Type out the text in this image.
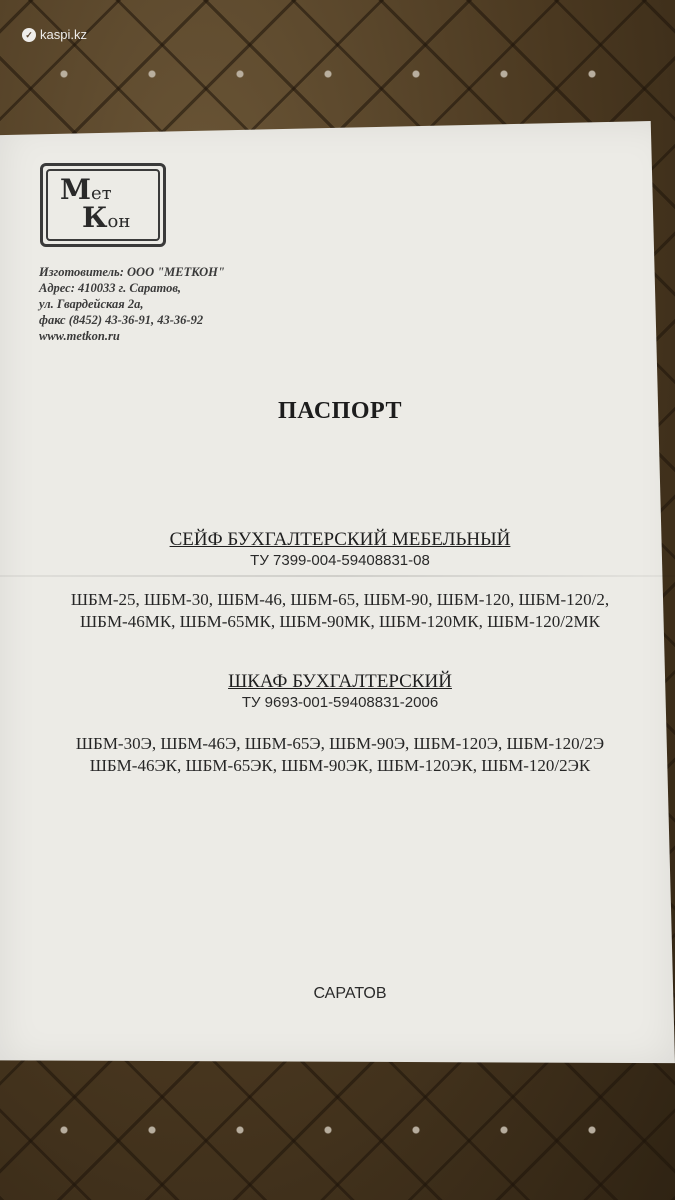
✓ kaspi.kz
Мет
Кон
Изготовитель: ООО "МЕТКОН"
Адрес: 410033 г. Саратов,
ул. Гвардейская 2а,
факс (8452) 43-36-91, 43-36-92
www.metkon.ru
ПАСПОРТ
СЕЙФ БУХГАЛТЕРСКИЙ МЕБЕЛЬНЫЙ
ТУ 7399-004-59408831-08
ШБМ-25, ШБМ-30, ШБМ-46, ШБМ-65, ШБМ-90, ШБМ-120, ШБМ-120/2,
ШБМ-46МК, ШБМ-65МК, ШБМ-90МК, ШБМ-120МК, ШБМ-120/2МК
ШКАФ БУХГАЛТЕРСКИЙ
ТУ 9693-001-59408831-2006
ШБМ-30Э, ШБМ-46Э, ШБМ-65Э, ШБМ-90Э, ШБМ-120Э, ШБМ-120/2Э
ШБМ-46ЭК, ШБМ-65ЭК, ШБМ-90ЭК, ШБМ-120ЭК, ШБМ-120/2ЭК
САРАТОВ
